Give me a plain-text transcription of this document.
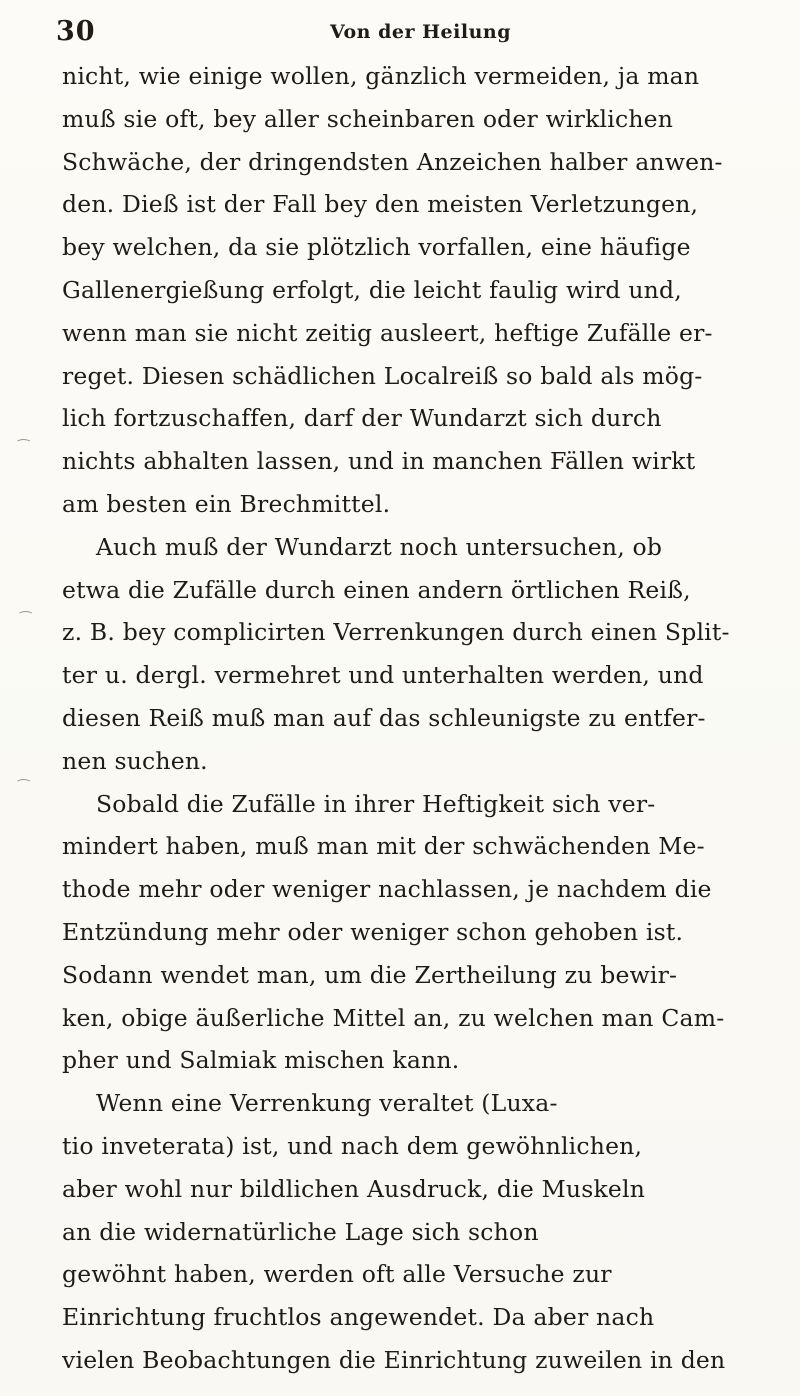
30	Von der Heilung
nicht, wie einige wollen, gänzlich vermeiden, ja man
muß sie oft, bey aller scheinbaren oder wirklichen
Schwäche, der dringendsten Anzeichen halber anwen-
den. Dieß ist der Fall bey den meisten Verletzungen,
bey welchen, da sie plötzlich vorfallen, eine häufige
Gallenergießung erfolgt, die leicht faulig wird und,
wenn man sie nicht zeitig ausleert, heftige Zufälle er-
reget. Diesen schädlichen Localreiß so bald als mög-
lich fortzuschaffen, darf der Wundarzt sich durch
nichts abhalten lassen, und in manchen Fällen wirkt
am besten ein Brechmittel.
Auch muß der Wundarzt noch untersuchen, ob
etwa die Zufälle durch einen andern örtlichen Reiß,
z. B. bey complicirten Verrenkungen durch einen Split-
ter u. dergl. vermehret und unterhalten werden, und
diesen Reiß muß man auf das schleunigste zu entfer-
nen suchen.
Sobald die Zufälle in ihrer Heftigkeit sich ver-
mindert haben, muß man mit der schwächenden Me-
thode mehr oder weniger nachlassen, je nachdem die
Entzündung mehr oder weniger schon gehoben ist.
Sodann wendet man, um die Zertheilung zu bewir-
ken, obige äußerliche Mittel an, zu welchen man Cam-
pher und Salmiak mischen kann.
Wenn eine Verrenkung veraltet (Luxa-
tio inveterata) ist, und nach dem gewöhnlichen,
aber wohl nur bildlichen Ausdruck, die Muskeln
an die widernatürliche Lage sich schon
gewöhnt haben, werden oft alle Versuche zur
Einrichtung fruchtlos angewendet. Da aber nach
vielen Beobachtungen die Einrichtung zuweilen in den
⁀
⁀
⁀
